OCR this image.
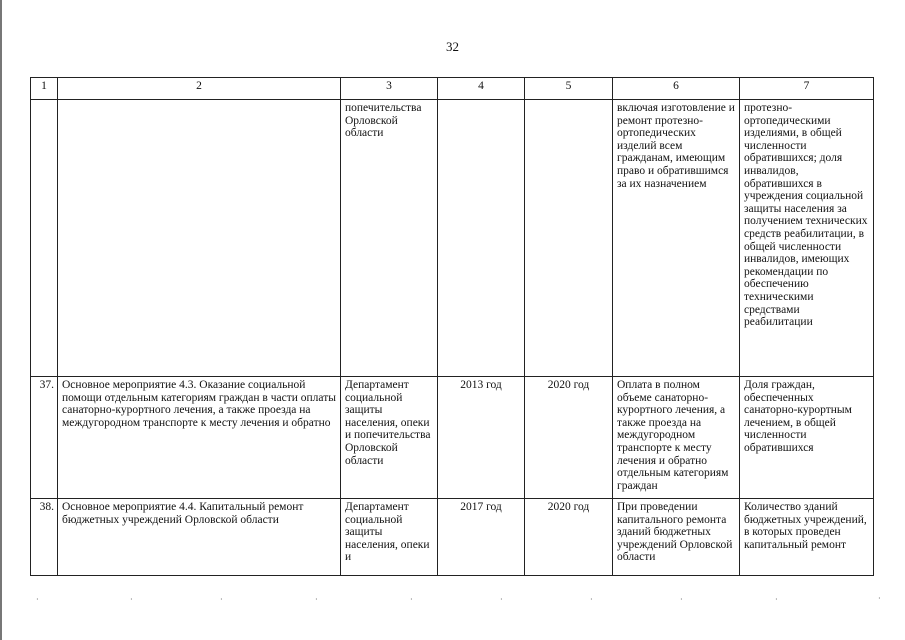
32
1	2	3	4	5	6	7
		попечительства Орловской области			включая изготовление и ремонт протезно-ортопедических изделий всем гражданам, имеющим право и обратившимся за их назначением	протезно-ортопедическими изделиями, в общей численности обратившихся; доля инвалидов, обратившихся в учреждения социальной защиты населения за получением технических средств реабилитации, в общей численности инвалидов, имеющих рекомендации по обеспечению техническими средствами реабилитации
37.	Основное мероприятие 4.3. Оказание социальной помощи отдельным категориям граждан в части оплаты санаторно-курортного лечения, а также проезда на междугородном транспорте к месту лечения и обратно	Департамент социальной защиты населения, опеки и попечительства Орловской области	2013 год	2020 год	Оплата в полном объеме санаторно-курортного лечения, а также проезда на междугородном транспорте к месту лечения и обратно отдельным категориям граждан	Доля граждан, обеспеченных санаторно-курортным лечением, в общей численности обратившихся
38.	Основное мероприятие 4.4. Капитальный ремонт бюджетных учреждений Орловской области	Департамент социальной защиты населения, опеки и	2017 год	2020 год	При проведении капитального ремонта зданий бюджетных учреждений Орловской области	Количество зданий бюджетных учреждений, в которых проведен капитальный ремонт
·	·	·	·	·	·	·	·	·	·
